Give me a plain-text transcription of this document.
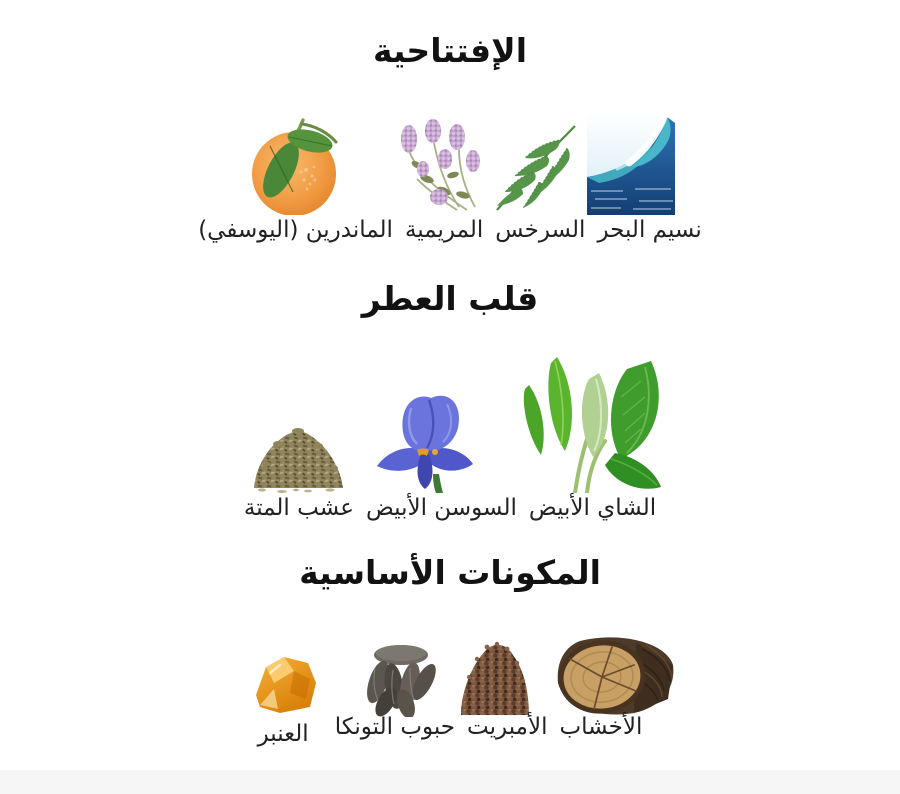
الإفتتاحية
نسيم البحر
السرخس
المريمية
الماندرين (اليوسفي)
قلب العطر
الشاي الأبيض
السوسن الأبيض
عشب المتة
المكونات الأساسية
الأخشاب
الأمبريت
حبوب التونكا
العنبر
